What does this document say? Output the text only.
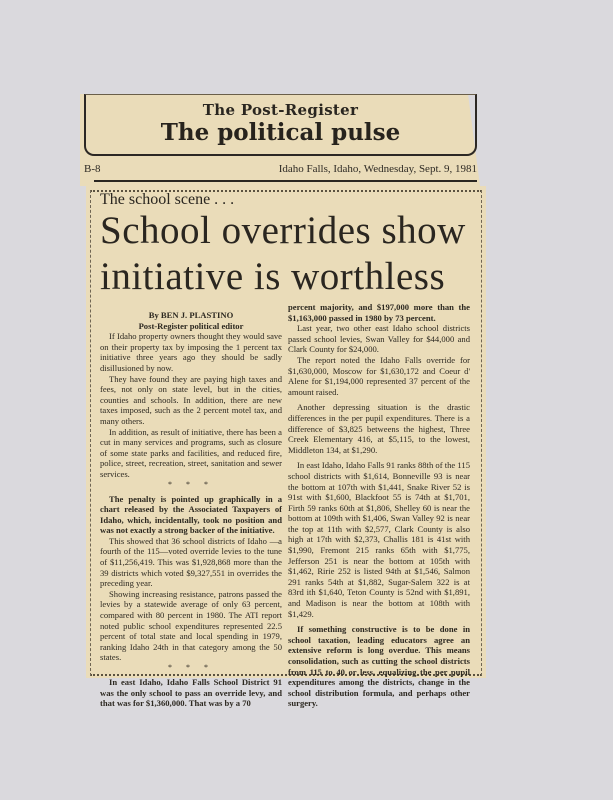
The Post-Register
The political pulse
B-8	Idaho Falls, Idaho, Wednesday, Sept. 9, 1981
The school scene . . .
School overrides show
initiative is worthless

By BEN J. PLASTINO

Post-Register political editor

If Idaho property owners thought they would save on their property tax by imposing the 1 percent tax initiative three years ago they should be sadly disillusioned by now.

They have found they are paying high taxes and fees, not only on state level, but in the cities, counties and schools. In addition, there are new taxes imposed, such as the 2 percent motel tax, and many others.

In addition, as result of initiative, there has been a cut in many services and programs, such as closure of some state parks and facilities, and reduced fire, police, street, recreation, street, sanitation and sewer services.

* * *

The penalty is pointed up graphically in a chart released by the Associated Taxpayers of Idaho, which, incidentally, took no position and was not exactly a strong backer of the initiative.

This showed that 36 school districts of Idaho —a fourth of the 115—voted override levies to the tune of $11,256,419. This was $1,928,868 more than the 39 districts which voted $9,327,551 in overrides the preceding year.

Showing increasing resistance, patrons passed the levies by a statewide average of only 63 percent, compared with 80 percent in 1980. The ATI report noted public school expenditures represented 22.5 percent of total state and local spending in 1979, ranking Idaho 24th in that category among the 50 states.

* * *

In east Idaho, Idaho Falls School District 91 was the only school to pass an override levy, and that was for $1,360,000. That was by a 70

percent majority, and $197,000 more than the $1,163,000 passed in 1980 by 73 percent.

Last year, two other east Idaho school districts passed school levies, Swan Valley for $44,000 and Clark County for $24,000.

The report noted the Idaho Falls override for $1,630,000, Moscow for $1,630,172 and Coeur d' Alene for $1,194,000 represented 37 percent of the amount raised.

Another depressing situation is the drastic differences in the per pupil expenditures. There is a difference of $3,825 betweens the highest, Three Creek Elementary 416, at $5,115, to the lowest, Middleton 134, at $1,290.

In east Idaho, Idaho Falls 91 ranks 88th of the 115 school districts with $1,614, Bonneville 93 is near the bottom at 107th with $1,441, Snake River 52 is 91st with $1,600, Blackfoot 55 is 74th at $1,701, Firth 59 ranks 60th at $1,806, Shelley 60 is near the bottom at 109th with $1,406, Swan Valley 92 is near the top at 11th with $2,577, Clark County is also high at 17th with $2,373, Challis 181 is 41st with $1,990, Fremont 215 ranks 65th with $1,775, Jefferson 251 is near the bottom at 105th with $1,462, Ririe 252 is listed 94th at $1,546, Salmon 291 ranks 54th at $1,882, Sugar-Salem 322 is at 83rd ith $1,640, Teton County is 52nd with $1,891, and Madison is near the bottom at 108th with $1,429.

If something constructive is to be done in school taxation, leading educators agree an extensive reform is long overdue. This means consolidation, such as cutting the school districts from 115 to 40 or less, equalizing the per pupil expenditures among the districts, change in the school distribution formula, and perhaps other surgery.
